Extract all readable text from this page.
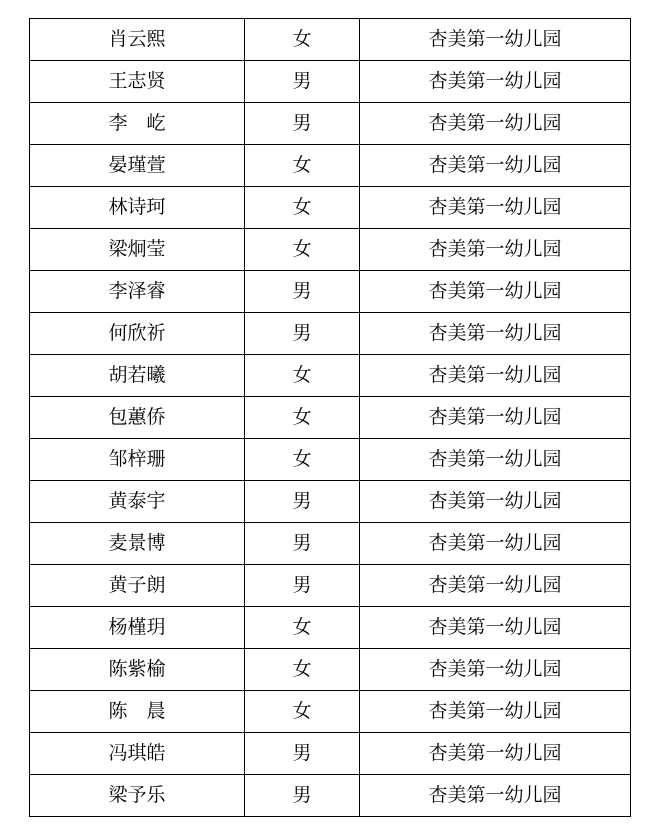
肖云熙	女	杏美第一幼儿园
王志贤	男	杏美第一幼儿园
李　屹	男	杏美第一幼儿园
晏瑾萱	女	杏美第一幼儿园
林诗珂	女	杏美第一幼儿园
梁炯莹	女	杏美第一幼儿园
李泽睿	男	杏美第一幼儿园
何欣祈	男	杏美第一幼儿园
胡若曦	女	杏美第一幼儿园
包蕙侨	女	杏美第一幼儿园
邹梓珊	女	杏美第一幼儿园
黄泰宇	男	杏美第一幼儿园
麦景博	男	杏美第一幼儿园
黄子朗	男	杏美第一幼儿园
杨槿玥	女	杏美第一幼儿园
陈紫榆	女	杏美第一幼儿园
陈　晨	女	杏美第一幼儿园
冯琪皓	男	杏美第一幼儿园
梁予乐	男	杏美第一幼儿园
